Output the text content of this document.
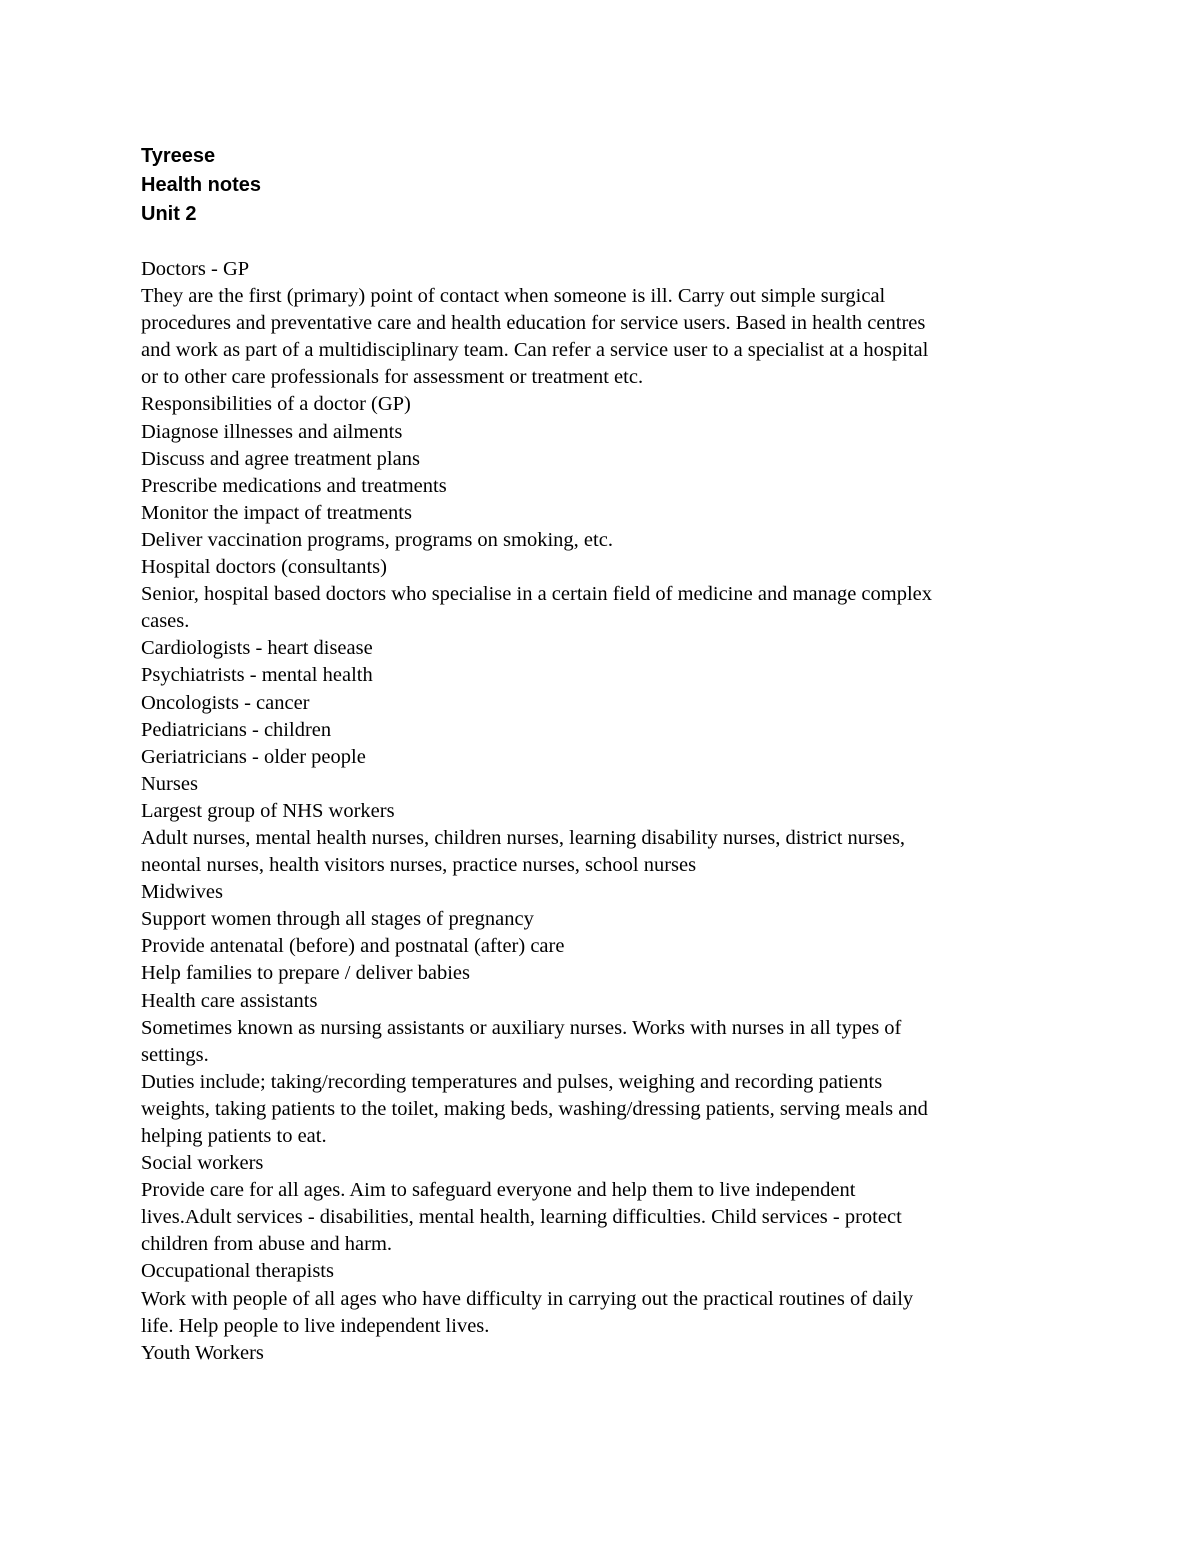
Tyreese
Health notes
Unit 2
Doctors - GP
They are the first (primary) point of contact when someone is ill. Carry out simple surgical
procedures and preventative care and health education for service users. Based in health centres
and work as part of a multidisciplinary team. Can refer a service user to a specialist at a hospital
or to other care professionals for assessment or treatment etc.
Responsibilities of a doctor (GP)
Diagnose illnesses and ailments
Discuss and agree treatment plans
Prescribe medications and treatments
Monitor the impact of treatments
Deliver vaccination programs, programs on smoking, etc.
Hospital doctors (consultants)
Senior, hospital based doctors who specialise in a certain field of medicine and manage complex
cases.
Cardiologists - heart disease
Psychiatrists - mental health
Oncologists - cancer
Pediatricians - children
Geriatricians - older people
Nurses
Largest group of NHS workers
Adult nurses, mental health nurses, children nurses, learning disability nurses, district nurses,
neontal nurses, health visitors nurses, practice nurses, school nurses
Midwives
Support women through all stages of pregnancy
Provide antenatal (before) and postnatal (after) care
Help families to prepare / deliver babies
Health care assistants
Sometimes known as nursing assistants or auxiliary nurses. Works with nurses in all types of
settings.
Duties include; taking/recording temperatures and pulses, weighing and recording patients
weights, taking patients to the toilet, making beds, washing/dressing patients, serving meals and
helping patients to eat.
Social workers
Provide care for all ages. Aim to safeguard everyone and help them to live independent
lives.Adult services - disabilities, mental health, learning difficulties. Child services - protect
children from abuse and harm.
Occupational therapists
Work with people of all ages who have difficulty in carrying out the practical routines of daily
life. Help people to live independent lives.
Youth Workers
